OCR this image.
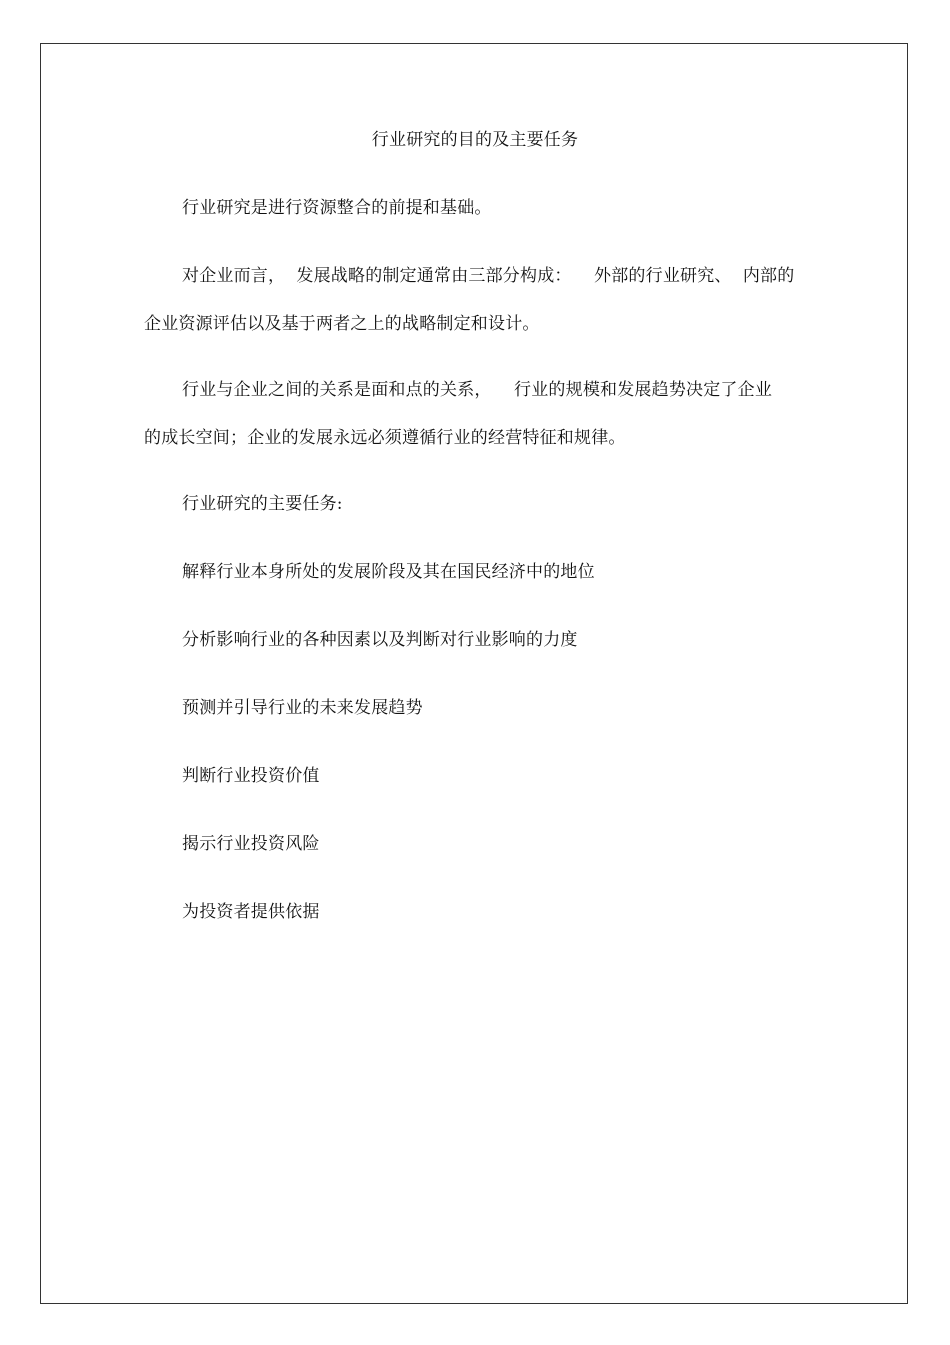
行业研究的目的及主要任务
行业研究是进行资源整合的前提和基础。
对企业而言，  发展战略的制定通常由三部分构成：    外部的行业研究、  内部的
企业资源评估以及基于两者之上的战略制定和设计。
行业与企业之间的关系是面和点的关系，    行业的规模和发展趋势决定了企业
的成长空间；企业的发展永远必须遵循行业的经营特征和规律。
行业研究的主要任务:
解释行业本身所处的发展阶段及其在国民经济中的地位
分析影响行业的各种因素以及判断对行业影响的力度
预测并引导行业的未来发展趋势
判断行业投资价值
揭示行业投资风险
为投资者提供依据
